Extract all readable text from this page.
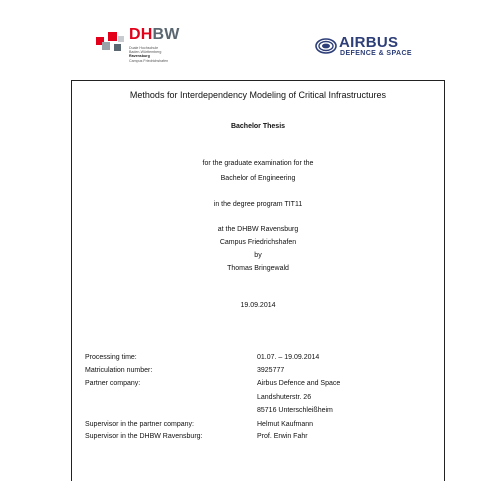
DHBW
Duale Hochschule
Baden-Württemberg
Ravensburg
Campus Friedrichshafen
AIRBUS
DEFENCE & SPACE
Methods for Interdependency Modeling of Critical Infrastructures
Bachelor Thesis
for the graduate examination for the
Bachelor of Engineering
in the degree program TIT11
at the DHBW Ravensburg
Campus Friedrichshafen
by
Thomas Bringewald
19.09.2014
Processing time:	01.07. – 19.09.2014
Matriculation number:	3925777
Partner company:	Airbus Defence and Space
Landshuterstr. 26
85716 Unterschleißheim
Supervisor in the partner company:	Helmut Kaufmann
Supervisor in the DHBW Ravensburg:	Prof. Erwin Fahr
